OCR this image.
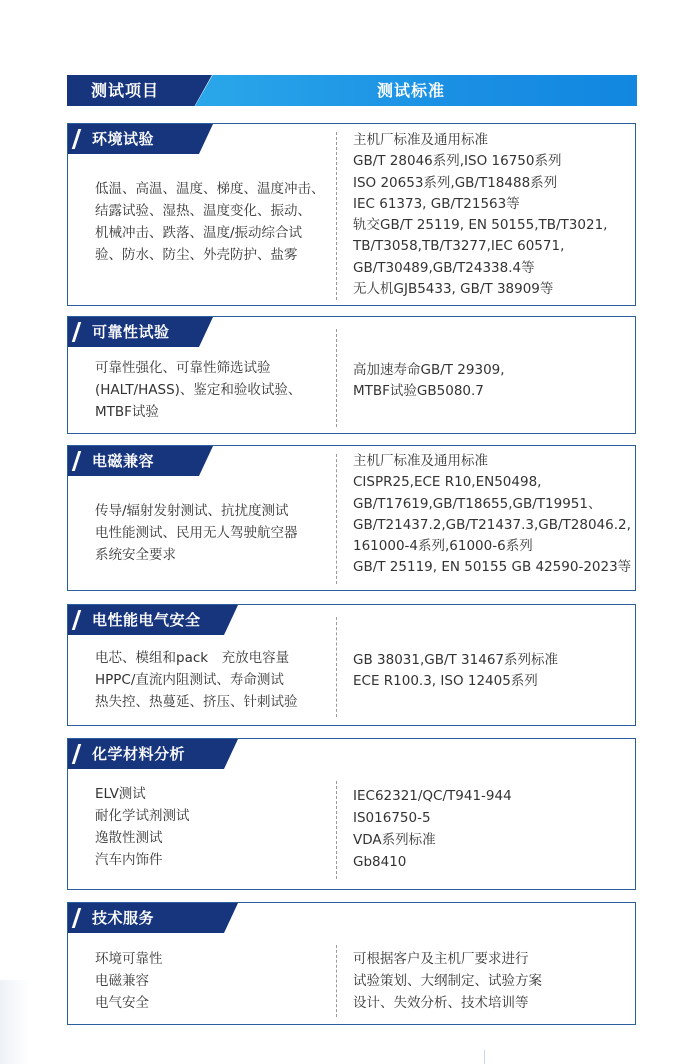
测试项目	测试标准
环境试验
低温、高温、温度、梯度、温度冲击、
结露试验、湿热、温度变化、振动、
机械冲击、跌落、温度/振动综合试
验、防水、防尘、外壳防护、盐雾
主机厂标准及通用标准
GB/T 28046系列,ISO 16750系列
ISO 20653系列,GB/T18488系列
IEC 61373, GB/T21563等
轨交GB/T 25119, EN 50155,TB/T3021,
TB/T3058,TB/T3277,IEC 60571,
GB/T30489,GB/T24338.4等
无人机GJB5433, GB/T 38909等
可靠性试验
可靠性强化、可靠性筛选试验
(HALT/HASS)、鉴定和验收试验、
MTBF试验
高加速寿命GB/T 29309,
MTBF试验GB5080.7
电磁兼容
传导/辐射发射测试、抗扰度测试
电性能测试、民用无人驾驶航空器
系统安全要求
主机厂标准及通用标准
CISPR25,ECE R10,EN50498,
GB/T17619,GB/T18655,GB/T19951、
GB/T21437.2,GB/T21437.3,GB/T28046.2,
161000-4系列,61000-6系列
GB/T 25119, EN 50155 GB 42590-2023等
电性能电气安全
电芯、模组和pack　充放电容量
HPPC/直流内阻测试、寿命测试
热失控、热蔓延、挤压、针刺试验
GB 38031,GB/T 31467系列标准
ECE R100.3, ISO 12405系列
化学材料分析
ELV测试
耐化学试剂测试
逸散性测试
汽车内饰件
IEC62321/QC/T941-944
IS016750-5
VDA系列标准
Gb8410
技术服务
环境可靠性
电磁兼容
电气安全
可根据客户及主机厂要求进行
试验策划、大纲制定、试验方案
设计、失效分析、技术培训等
